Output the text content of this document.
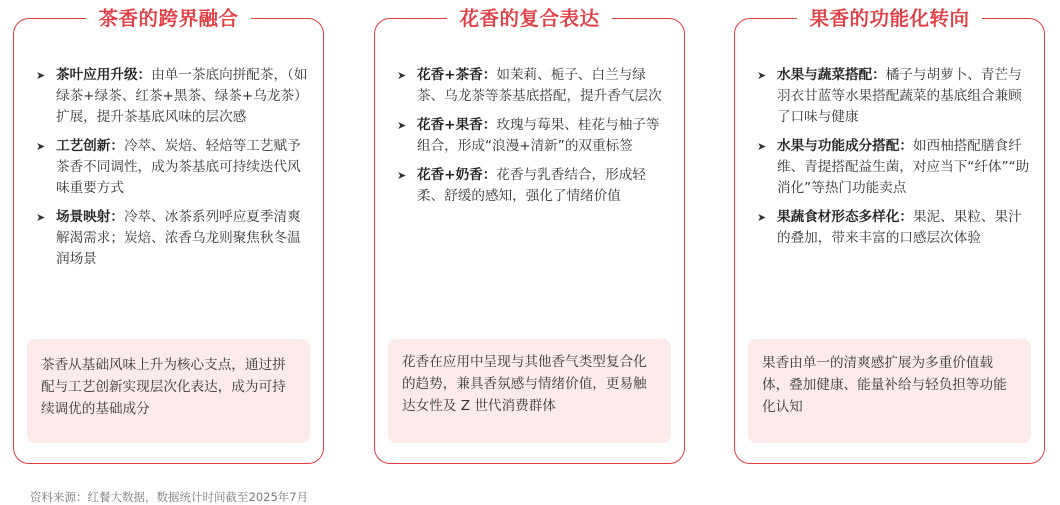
茶香的跨界融合
➤ 茶叶应用升级：由单一茶底向拼配茶，（如绿茶+绿茶、红茶+黑茶、绿茶+乌龙茶）扩展，提升茶基底风味的层次感
➤ 工艺创新：冷萃、炭焙、轻焙等工艺赋予茶香不同调性，成为茶基底可持续迭代风味重要方式
➤ 场景映射：冷萃、冰茶系列呼应夏季清爽解渴需求；炭焙、浓香乌龙则聚焦秋冬温润场景
茶香从基础风味上升为核心支点，通过拼配与工艺创新实现层次化表达，成为可持续调优的基础成分
花香的复合表达
➤ 花香+茶香：如茉莉、栀子、白兰与绿茶、乌龙茶等茶基底搭配，提升香气层次
➤ 花香+果香：玫瑰与莓果、桂花与柚子等组合，形成“浪漫+清新”的双重标签
➤ 花香+奶香：花香与乳香结合，形成轻柔、舒缓的感知，强化了情绪价值
花香在应用中呈现与其他香气类型复合化的趋势，兼具香氛感与情绪价值，更易触达女性及 Z 世代消费群体
果香的功能化转向
➤ 水果与蔬菜搭配：橘子与胡萝卜、青芒与羽衣甘蓝等水果搭配蔬菜的基底组合兼顾了口味与健康
➤ 水果与功能成分搭配：如西柚搭配膳食纤维、青提搭配益生菌，对应当下“纤体”“助消化”等热门功能卖点
➤ 果蔬食材形态多样化：果泥、果粒、果汁的叠加，带来丰富的口感层次体验
果香由单一的清爽感扩展为多重价值载体，叠加健康、能量补给与轻负担等功能化认知
资料来源：红餐大数据，数据统计时间截至2025年7月
